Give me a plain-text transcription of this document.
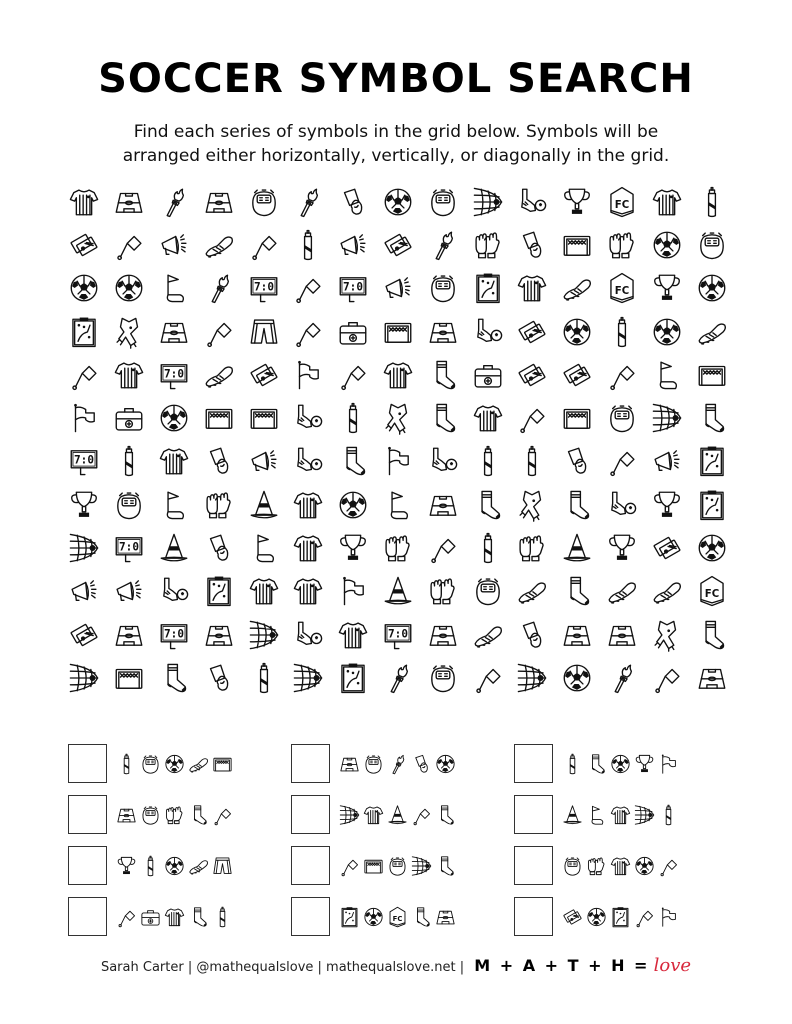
SOCCER SYMBOL SEARCH
Find each series of symbols in the grid below. Symbols will be
arranged either horizontally, vertically, or diagonally in the grid.
FC
7:0	7:0	FC
7:0
7:0
7:0
FC
7:0	7:0
FC
Sarah Carter | @mathequalslove | mathequalslove.net | M + A + T + H = love
